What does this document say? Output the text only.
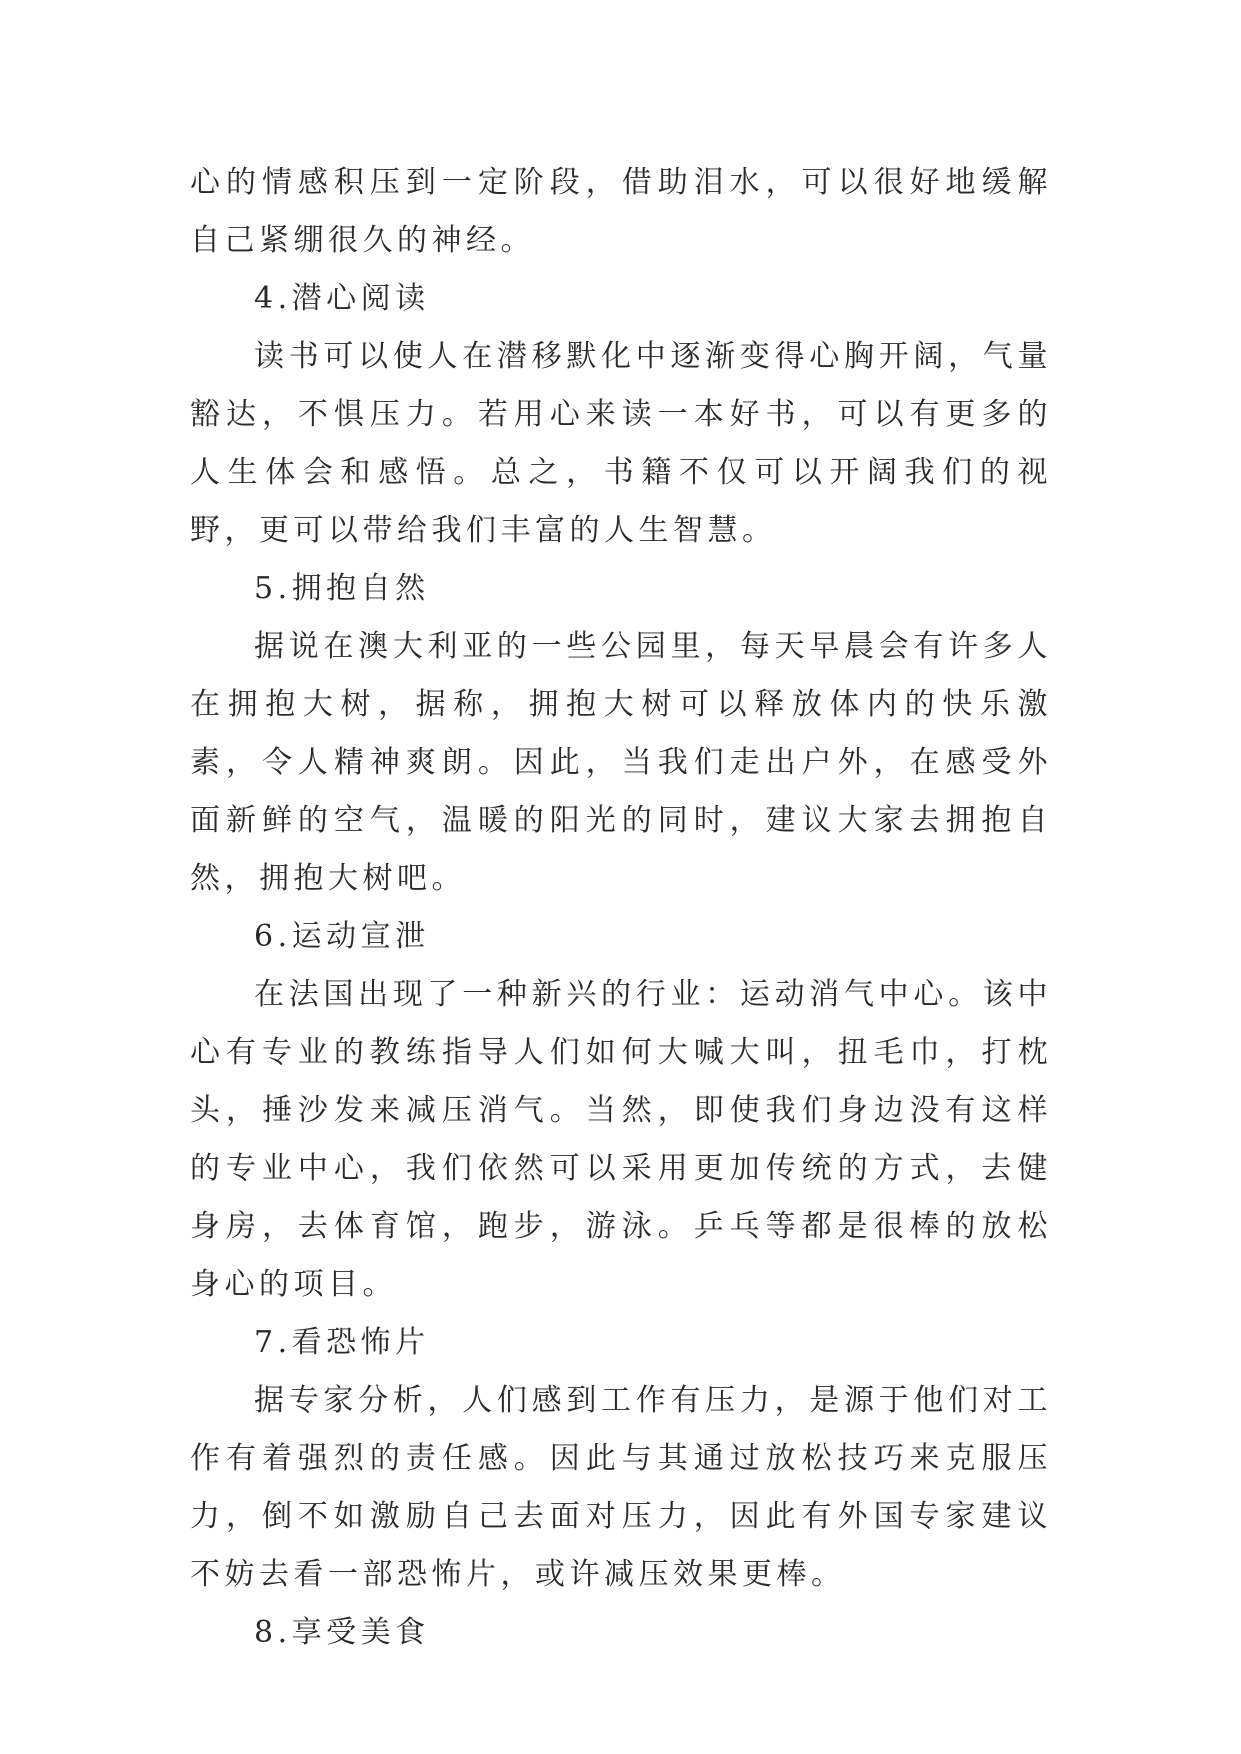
心的情感积压到一定阶段，借助泪水，可以很好地缓解自己紧绷很久的神经。

4.潜心阅读

读书可以使人在潜移默化中逐渐变得心胸开阔，气量豁达，不惧压力。若用心来读一本好书，可以有更多的人生体会和感悟。总之，书籍不仅可以开阔我们的视野，更可以带给我们丰富的人生智慧。

5.拥抱自然

据说在澳大利亚的一些公园里，每天早晨会有许多人在拥抱大树，据称，拥抱大树可以释放体内的快乐激素，令人精神爽朗。因此，当我们走出户外，在感受外面新鲜的空气，温暖的阳光的同时，建议大家去拥抱自然，拥抱大树吧。

6.运动宣泄

在法国出现了一种新兴的行业：运动消气中心。该中心有专业的教练指导人们如何大喊大叫，扭毛巾，打枕头，捶沙发来减压消气。当然，即使我们身边没有这样的专业中心，我们依然可以采用更加传统的方式，去健身房，去体育馆，跑步，游泳。乒乓等都是很棒的放松身心的项目。

7.看恐怖片

据专家分析，人们感到工作有压力，是源于他们对工作有着强烈的责任感。因此与其通过放松技巧来克服压力，倒不如激励自己去面对压力，因此有外国专家建议不妨去看一部恐怖片，或许减压效果更棒。

8.享受美食
